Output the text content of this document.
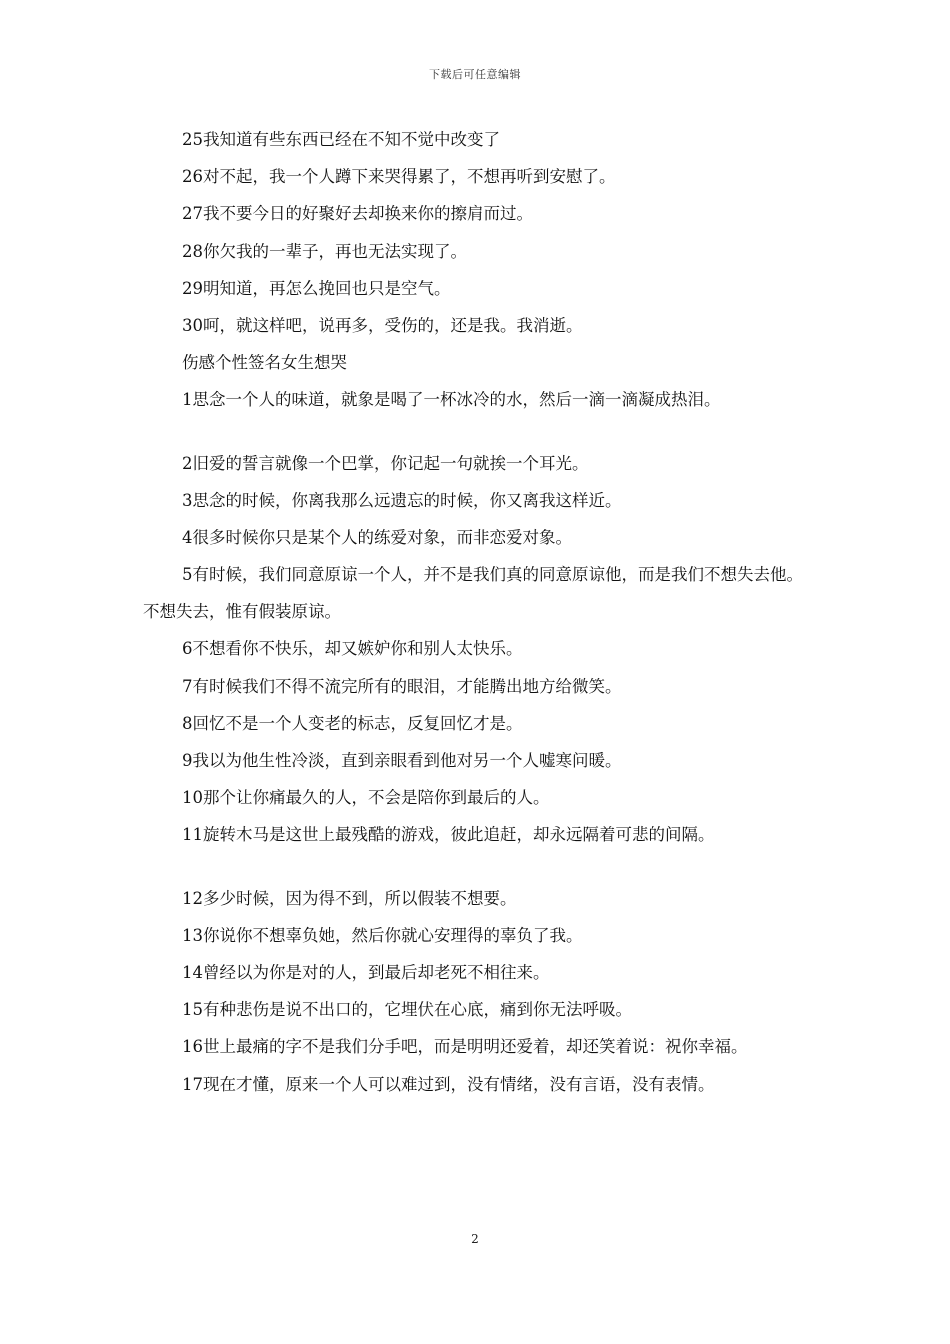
下载后可任意编辑
25我知道有些东西已经在不知不觉中改变了
26对不起，我一个人蹲下来哭得累了，不想再听到安慰了。
27我不要今日的好聚好去却换来你的擦肩而过。
28你欠我的一辈子，再也无法实现了。
29明知道，再怎么挽回也只是空气。
30呵，就这样吧，说再多，受伤的，还是我。我消逝。
伤感个性签名女生想哭
1思念一个人的味道，就象是喝了一杯冰冷的水，然后一滴一滴凝成热泪。
2旧爱的誓言就像一个巴掌，你记起一句就挨一个耳光。
3思念的时候，你离我那么远遗忘的时候，你又离我这样近。
4很多时候你只是某个人的练爱对象，而非恋爱对象。
5有时候，我们同意原谅一个人，并不是我们真的同意原谅他，而是我们不想失去他。不想失去，惟有假装原谅。
6不想看你不快乐，却又嫉妒你和别人太快乐。
7有时候我们不得不流完所有的眼泪，才能腾出地方给微笑。
8回忆不是一个人变老的标志，反复回忆才是。
9我以为他生性冷淡，直到亲眼看到他对另一个人嘘寒问暖。
10那个让你痛最久的人，不会是陪你到最后的人。
11旋转木马是这世上最残酷的游戏，彼此追赶，却永远隔着可悲的间隔。
12多少时候，因为得不到，所以假装不想要。
13你说你不想辜负她，然后你就心安理得的辜负了我。
14曾经以为你是对的人，到最后却老死不相往来。
15有种悲伤是说不出口的，它埋伏在心底，痛到你无法呼吸。
16世上最痛的字不是我们分手吧，而是明明还爱着，却还笑着说：祝你幸福。
17现在才懂，原来一个人可以难过到，没有情绪，没有言语，没有表情。
2
